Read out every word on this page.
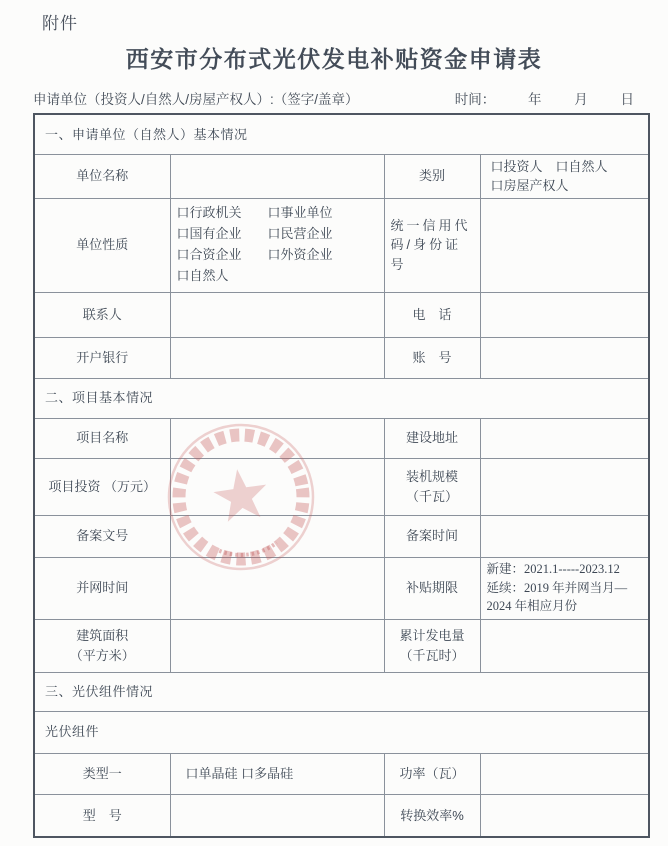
附件
西安市分布式光伏发电补贴资金申请表
申请单位（投资人/自然人/房屋产权人）:（签字/盖章）	时间： 年 月 日
一、申请单位（自然人）基本情况			
单位名称		类别	口投资人　口自然人
口房屋产权人
单位性质	口行政机关　　口事业单位
口国有企业　　口民营企业
口合资企业　　口外资企业
口自然人	统一信用代
码/身份证
号	
联系人		电　话	
开户银行		账　号	
二、项目基本情况			
项目名称		建设地址	
项目投资 （万元）		装机规模
（千瓦）	
备案文号		备案时间	
并网时间		补贴期限	新建：2021.1-----2023.12
延续：2019 年并网当月—
2024 年相应月份
建筑面积
（平方米）		累计发电量
（千瓦时）	
三、光伏组件情况			
光伏组件			
类型一	口单晶硅 口多晶硅	功率（瓦）	
型　号		转换效率%	
